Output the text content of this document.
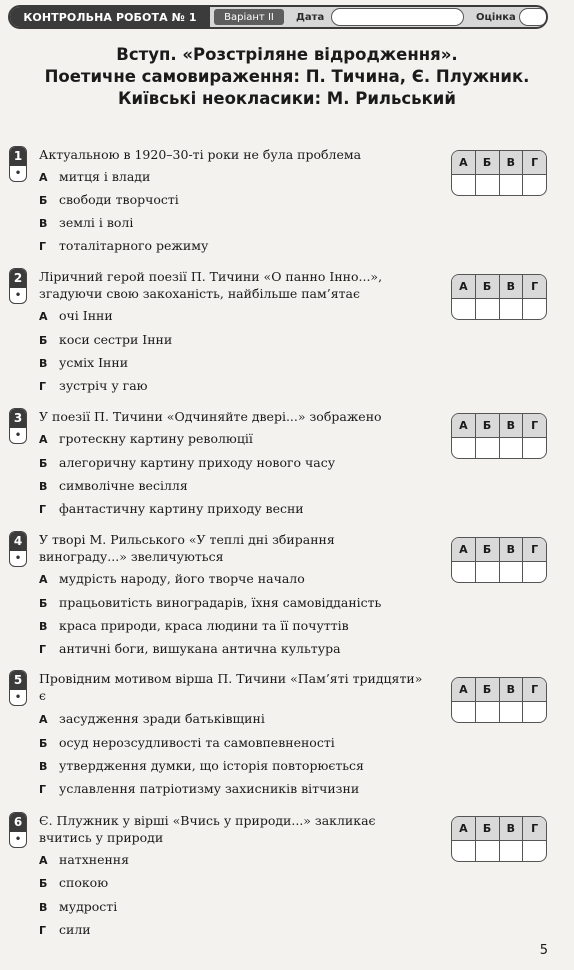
КОНТРОЛЬНА РОБОТА № 1	Варіант ІІ	Дата	Оцінка
Вступ. «Розстріляне відродження».
Поетичне самовираження: П. Тичина, Є. Плужник.
Київські неокласики: М. Рильський
1
•
Актуальною в 1920–30-ті роки не була проблема
А митця і влади
Б свободи творчості
В землі і волі
Г тоталітарного режиму
А	Б	В	Г
2
•
Ліричний герой поезії П. Тичини «О панно Інно...», згадуючи свою закоханість, найбільше пам’ятає
А очі Інни
Б коси сестри Інни
В усміх Інни
Г зустріч у гаю
А	Б	В	Г
3
•
У поезії П. Тичини «Одчиняйте двері...» зображено
А гротескну картину революції
Б алегоричну картину приходу нового часу
В символічне весілля
Г фантастичну картину приходу весни
А	Б	В	Г
4
•
У творі М. Рильського «У теплі дні збирання винограду...» звеличуються
А мудрість народу, його творче начало
Б працьовитість виноградарів, їхня самовідданість
В краса природи, краса людини та її почуттів
Г античні боги, вишукана антична культура
А	Б	В	Г
5
•
Провідним мотивом вірша П. Тичини «Пам’яті тридцяти» є
А засудження зради батьківщині
Б осуд нерозсудливості та самовпевненості
В утвердження думки, що історія повторюється
Г уславлення патріотизму захисників вітчизни
А	Б	В	Г
6
•
Є. Плужник у вірші «Вчись у природи...» закликає вчитись у природи
А натхнення
Б спокою
В мудрості
Г сили
А	Б	В	Г
5
